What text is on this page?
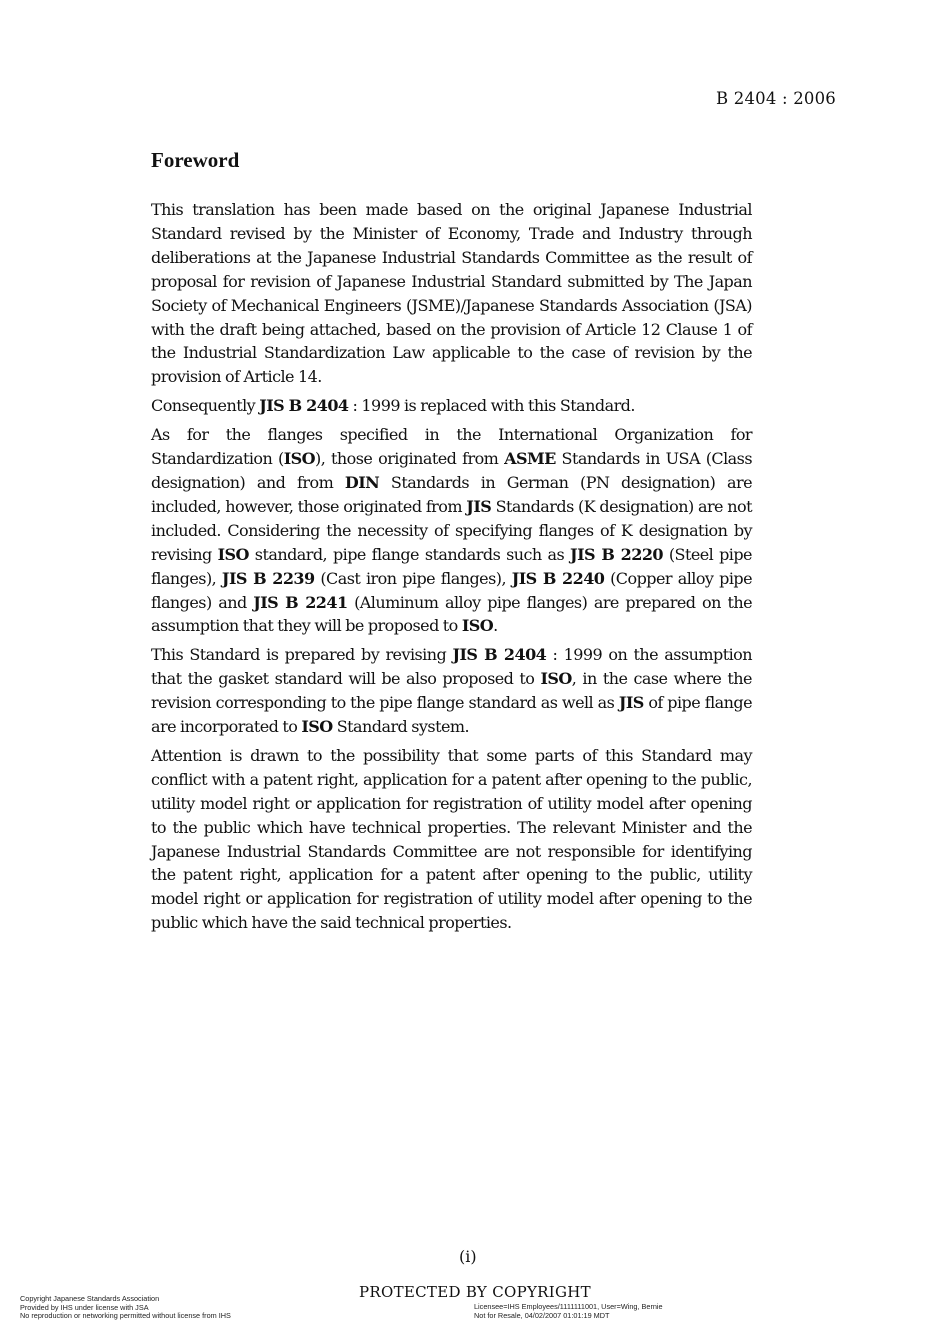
B 2404 : 2006
Foreword

This translation has been made based on the original Japanese Industrial Standard revised by the Minister of Economy, Trade and Industry through deliberations at the Japanese Industrial Standards Committee as the result of proposal for revision of Japanese Industrial Standard submitted by The Japan Society of Mechanical Engineers (JSME)/Japanese Standards Association (JSA) with the draft being attached, based on the provision of Article 12 Clause 1 of the Industrial Standardization Law applicable to the case of revision by the provision of Article 14.

Consequently JIS B 2404 : 1999 is replaced with this Standard.

As for the flanges specified in the International Organization for Standardization (ISO), those originated from ASME Standards in USA (Class designation) and from DIN Standards in German (PN designation) are included, however, those originated from JIS Standards (K designation) are not included. Considering the necessity of specifying flanges of K designation by revising ISO standard, pipe flange standards such as JIS B 2220 (Steel pipe flanges), JIS B 2239 (Cast iron pipe flanges), JIS B 2240 (Copper alloy pipe flanges) and JIS B 2241 (Aluminum alloy pipe flanges) are prepared on the assumption that they will be proposed to ISO.

This Standard is prepared by revising JIS B 2404 : 1999 on the assumption that the gasket standard will be also proposed to ISO, in the case where the revision corresponding to the pipe flange standard as well as JIS of pipe flange are incorporated to ISO Standard system.

Attention is drawn to the possibility that some parts of this Standard may conflict with a patent right, application for a patent after opening to the public, utility model right or application for registration of utility model after opening to the public which have technical properties. The relevant Minister and the Japanese Industrial Standards Committee are not responsible for identifying the patent right, application for a patent after opening to the public, utility model right or application for registration of utility model after opening to the public which have the said technical properties.

(i)
PROTECTED BY COPYRIGHT
Copyright Japanese Standards Association
Provided by IHS under license with JSA
No reproduction or networking permitted without license from IHS
Licensee=IHS Employees/1111111001, User=Wing, Bernie
Not for Resale, 04/02/2007 01:01:19 MDT
